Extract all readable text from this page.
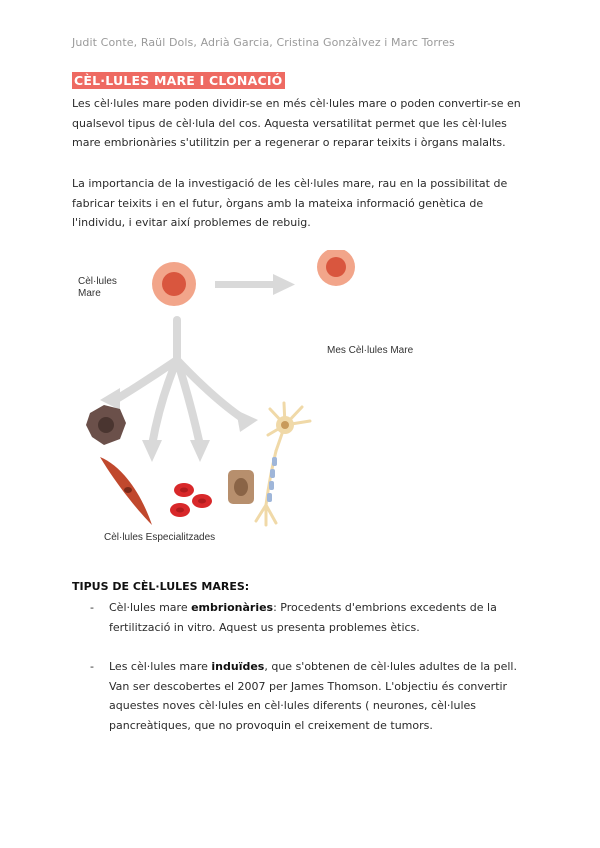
Judit Conte, Raül Dols, Adrià Garcia, Cristina Gonzàlvez i Marc Torres
CÈL·LULES MARE I CLONACIÓ

Les cèl·lules mare poden dividir-se en més cèl·lules mare o poden convertir-se en qualsevol tipus de cèl·lula del cos. Aquesta versatilitat permet que les cèl·lules mare embrionàries s'utilitzin per a regenerar o reparar teixits i òrgans malalts.

La importancia de la investigació de les cèl·lules mare, rau en la possibilitat de fabricar teixits i en el futur, òrgans amb la mateixa informació genètica de l'individu, i evitar així problemes de rebuig.

Cèl·lules
Mare
Mes Cèl·lules Mare
Cèl·lules Especialitzades
TIPUS DE CÈL·LULES MARES:
- Cèl·lules mare embrionàries: Procedents d'embrions excedents de la fertilització in vitro. Aquest us presenta problemes ètics.
- Les cèl·lules mare induïdes, que s'obtenen de cèl·lules adultes de la pell. Van ser descobertes el 2007 per James Thomson. L'objectiu és convertir aquestes noves cèl·lules en cèl·lules diferents ( neurones, cèl·lules pancreàtiques, que no provoquin el creixement de tumors.
